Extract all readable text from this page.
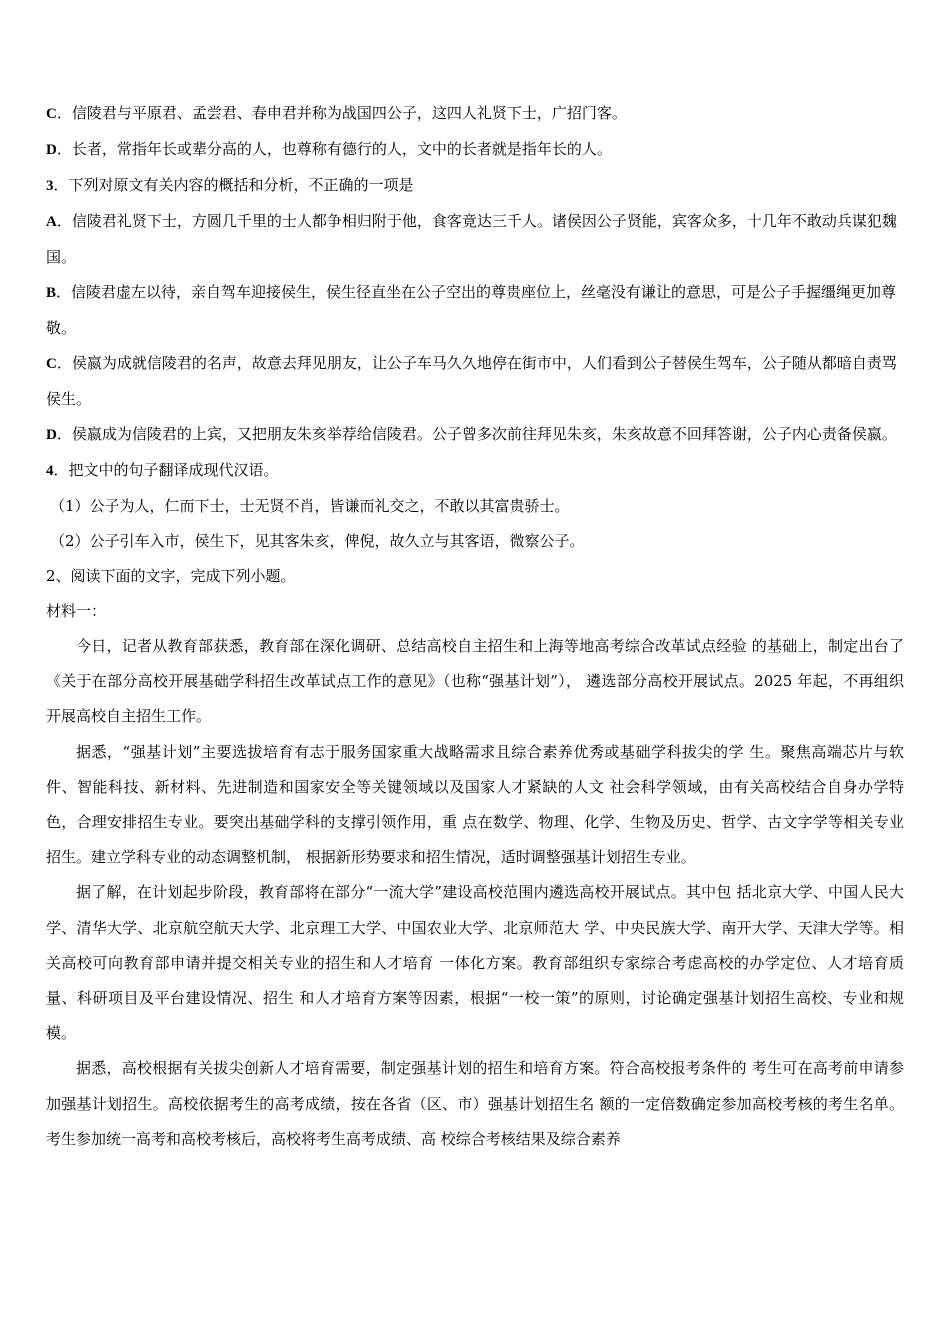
C．信陵君与平原君、孟尝君、春申君并称为战国四公子，这四人礼贤下士，广招门客。

D．长者，常指年长或辈分高的人，也尊称有德行的人，文中的长者就是指年长的人。

3．下列对原文有关内容的概括和分析，不正确的一项是

A．信陵君礼贤下士，方圆几千里的士人都争相归附于他，食客竟达三千人。诸侯因公子贤能，宾客众多，十几年不敢动兵谋犯魏国。

B．信陵君虚左以待，亲自驾车迎接侯生，侯生径直坐在公子空出的尊贵座位上，丝毫没有谦让的意思，可是公子手握缰绳更加尊敬。

C．侯嬴为成就信陵君的名声，故意去拜见朋友，让公子车马久久地停在街市中，人们看到公子替侯生驾车，公子随从都暗自责骂侯生。

D．侯嬴成为信陵君的上宾，又把朋友朱亥举荐给信陵君。公子曾多次前往拜见朱亥，朱亥故意不回拜答谢，公子内心责备侯嬴。

4．把文中的句子翻译成现代汉语。

（1）公子为人，仁而下士，士无贤不肖，皆谦而礼交之，不敢以其富贵骄士。

（2）公子引车入市，侯生下，见其客朱亥，俾倪，故久立与其客语，微察公子。

2、阅读下面的文字，完成下列小题。

材料一：

今日，记者从教育部获悉，教育部在深化调研、总结高校自主招生和上海等地高考综合改革试点经验 的基础上，制定出台了《关于在部分高校开展基础学科招生改革试点工作的意见》（也称“强基计划”）， 遴选部分高校开展试点。2025 年起，不再组织开展高校自主招生工作。

据悉，“强基计划”主要选拔培育有志于服务国家重大战略需求且综合素养优秀或基础学科拔尖的学 生。聚焦高端芯片与软件、智能科技、新材料、先进制造和国家安全等关键领域以及国家人才紧缺的人文 社会科学领域，由有关高校结合自身办学特色，合理安排招生专业。要突出基础学科的支撑引领作用，重 点在数学、物理、化学、生物及历史、哲学、古文字学等相关专业招生。建立学科专业的动态调整机制， 根据新形势要求和招生情况，适时调整强基计划招生专业。

据了解，在计划起步阶段，教育部将在部分“一流大学”建设高校范围内遴选高校开展试点。其中包 括北京大学、中国人民大学、清华大学、北京航空航天大学、北京理工大学、中国农业大学、北京师范大 学、中央民族大学、南开大学、天津大学等。相关高校可向教育部申请并提交相关专业的招生和人才培育 一体化方案。教育部组织专家综合考虑高校的办学定位、人才培育质量、科研项目及平台建设情况、招生 和人才培育方案等因素，根据“一校一策”的原则，讨论确定强基计划招生高校、专业和规模。

据悉，高校根据有关拔尖创新人才培育需要，制定强基计划的招生和培育方案。符合高校报考条件的 考生可在高考前申请参加强基计划招生。高校依据考生的高考成绩，按在各省（区、市）强基计划招生名 额的一定倍数确定参加高校考核的考生名单。考生参加统一高考和高校考核后，高校将考生高考成绩、高 校综合考核结果及综合素养
